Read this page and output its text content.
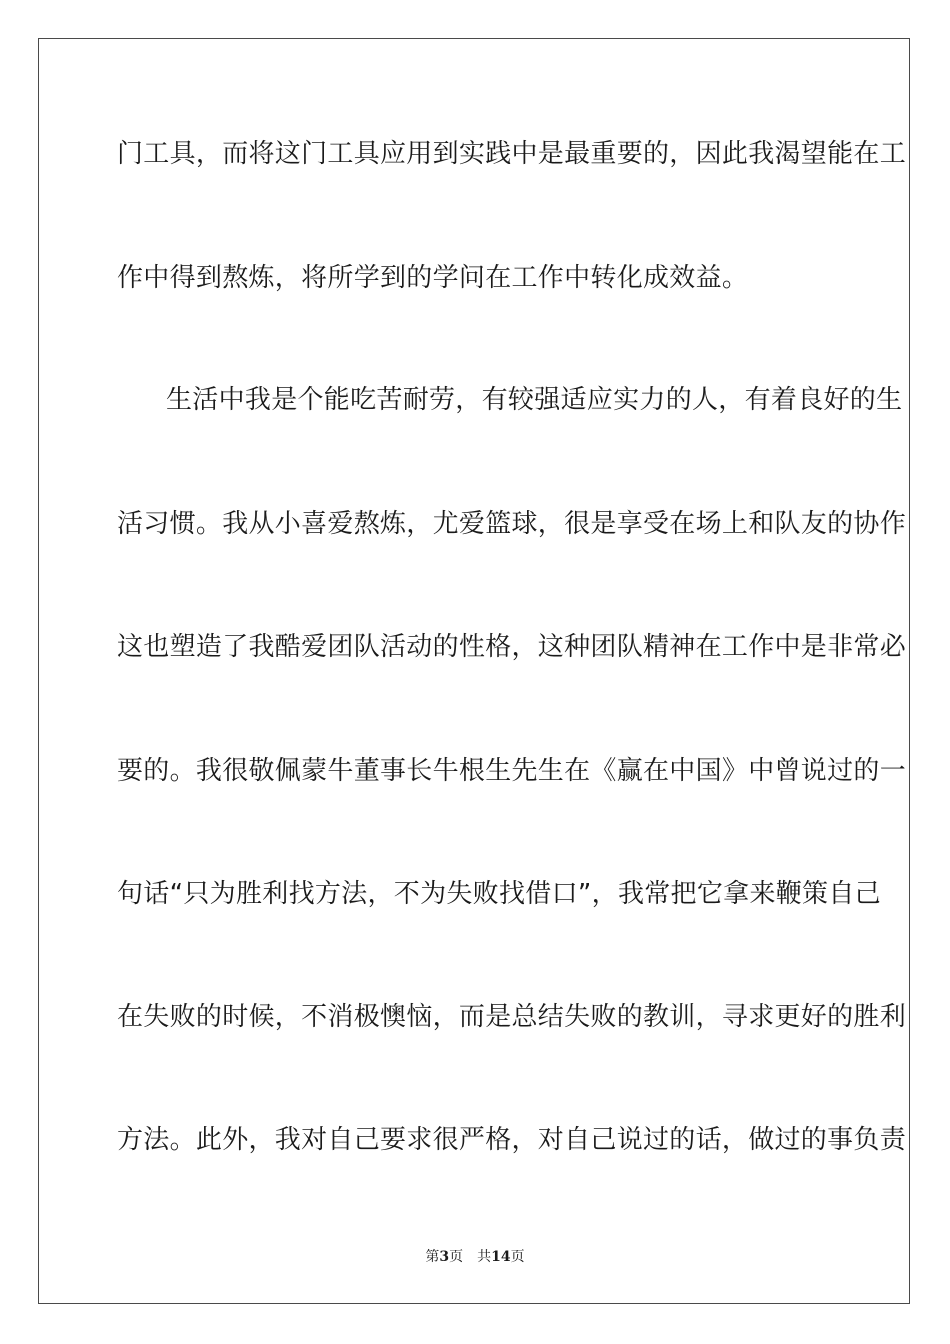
门工具，而将这门工具应用到实践中是最重要的，因此我渴望能在工
作中得到熬炼，将所学到的学问在工作中转化成效益。
生活中我是个能吃苦耐劳，有较强适应实力的人，有着良好的生
活习惯。我从小喜爱熬炼，尤爱篮球，很是享受在场上和队友的协作
这也塑造了我酷爱团队活动的性格，这种团队精神在工作中是非常必
要的。我很敬佩蒙牛董事长牛根生先生在《赢在中国》中曾说过的一
句话“只为胜利找方法，不为失败找借口”，我常把它拿来鞭策自己
在失败的时候，不消极懊恼，而是总结失败的教训，寻求更好的胜利
方法。此外，我对自己要求很严格，对自己说过的话，做过的事负责
第3页 共14页
